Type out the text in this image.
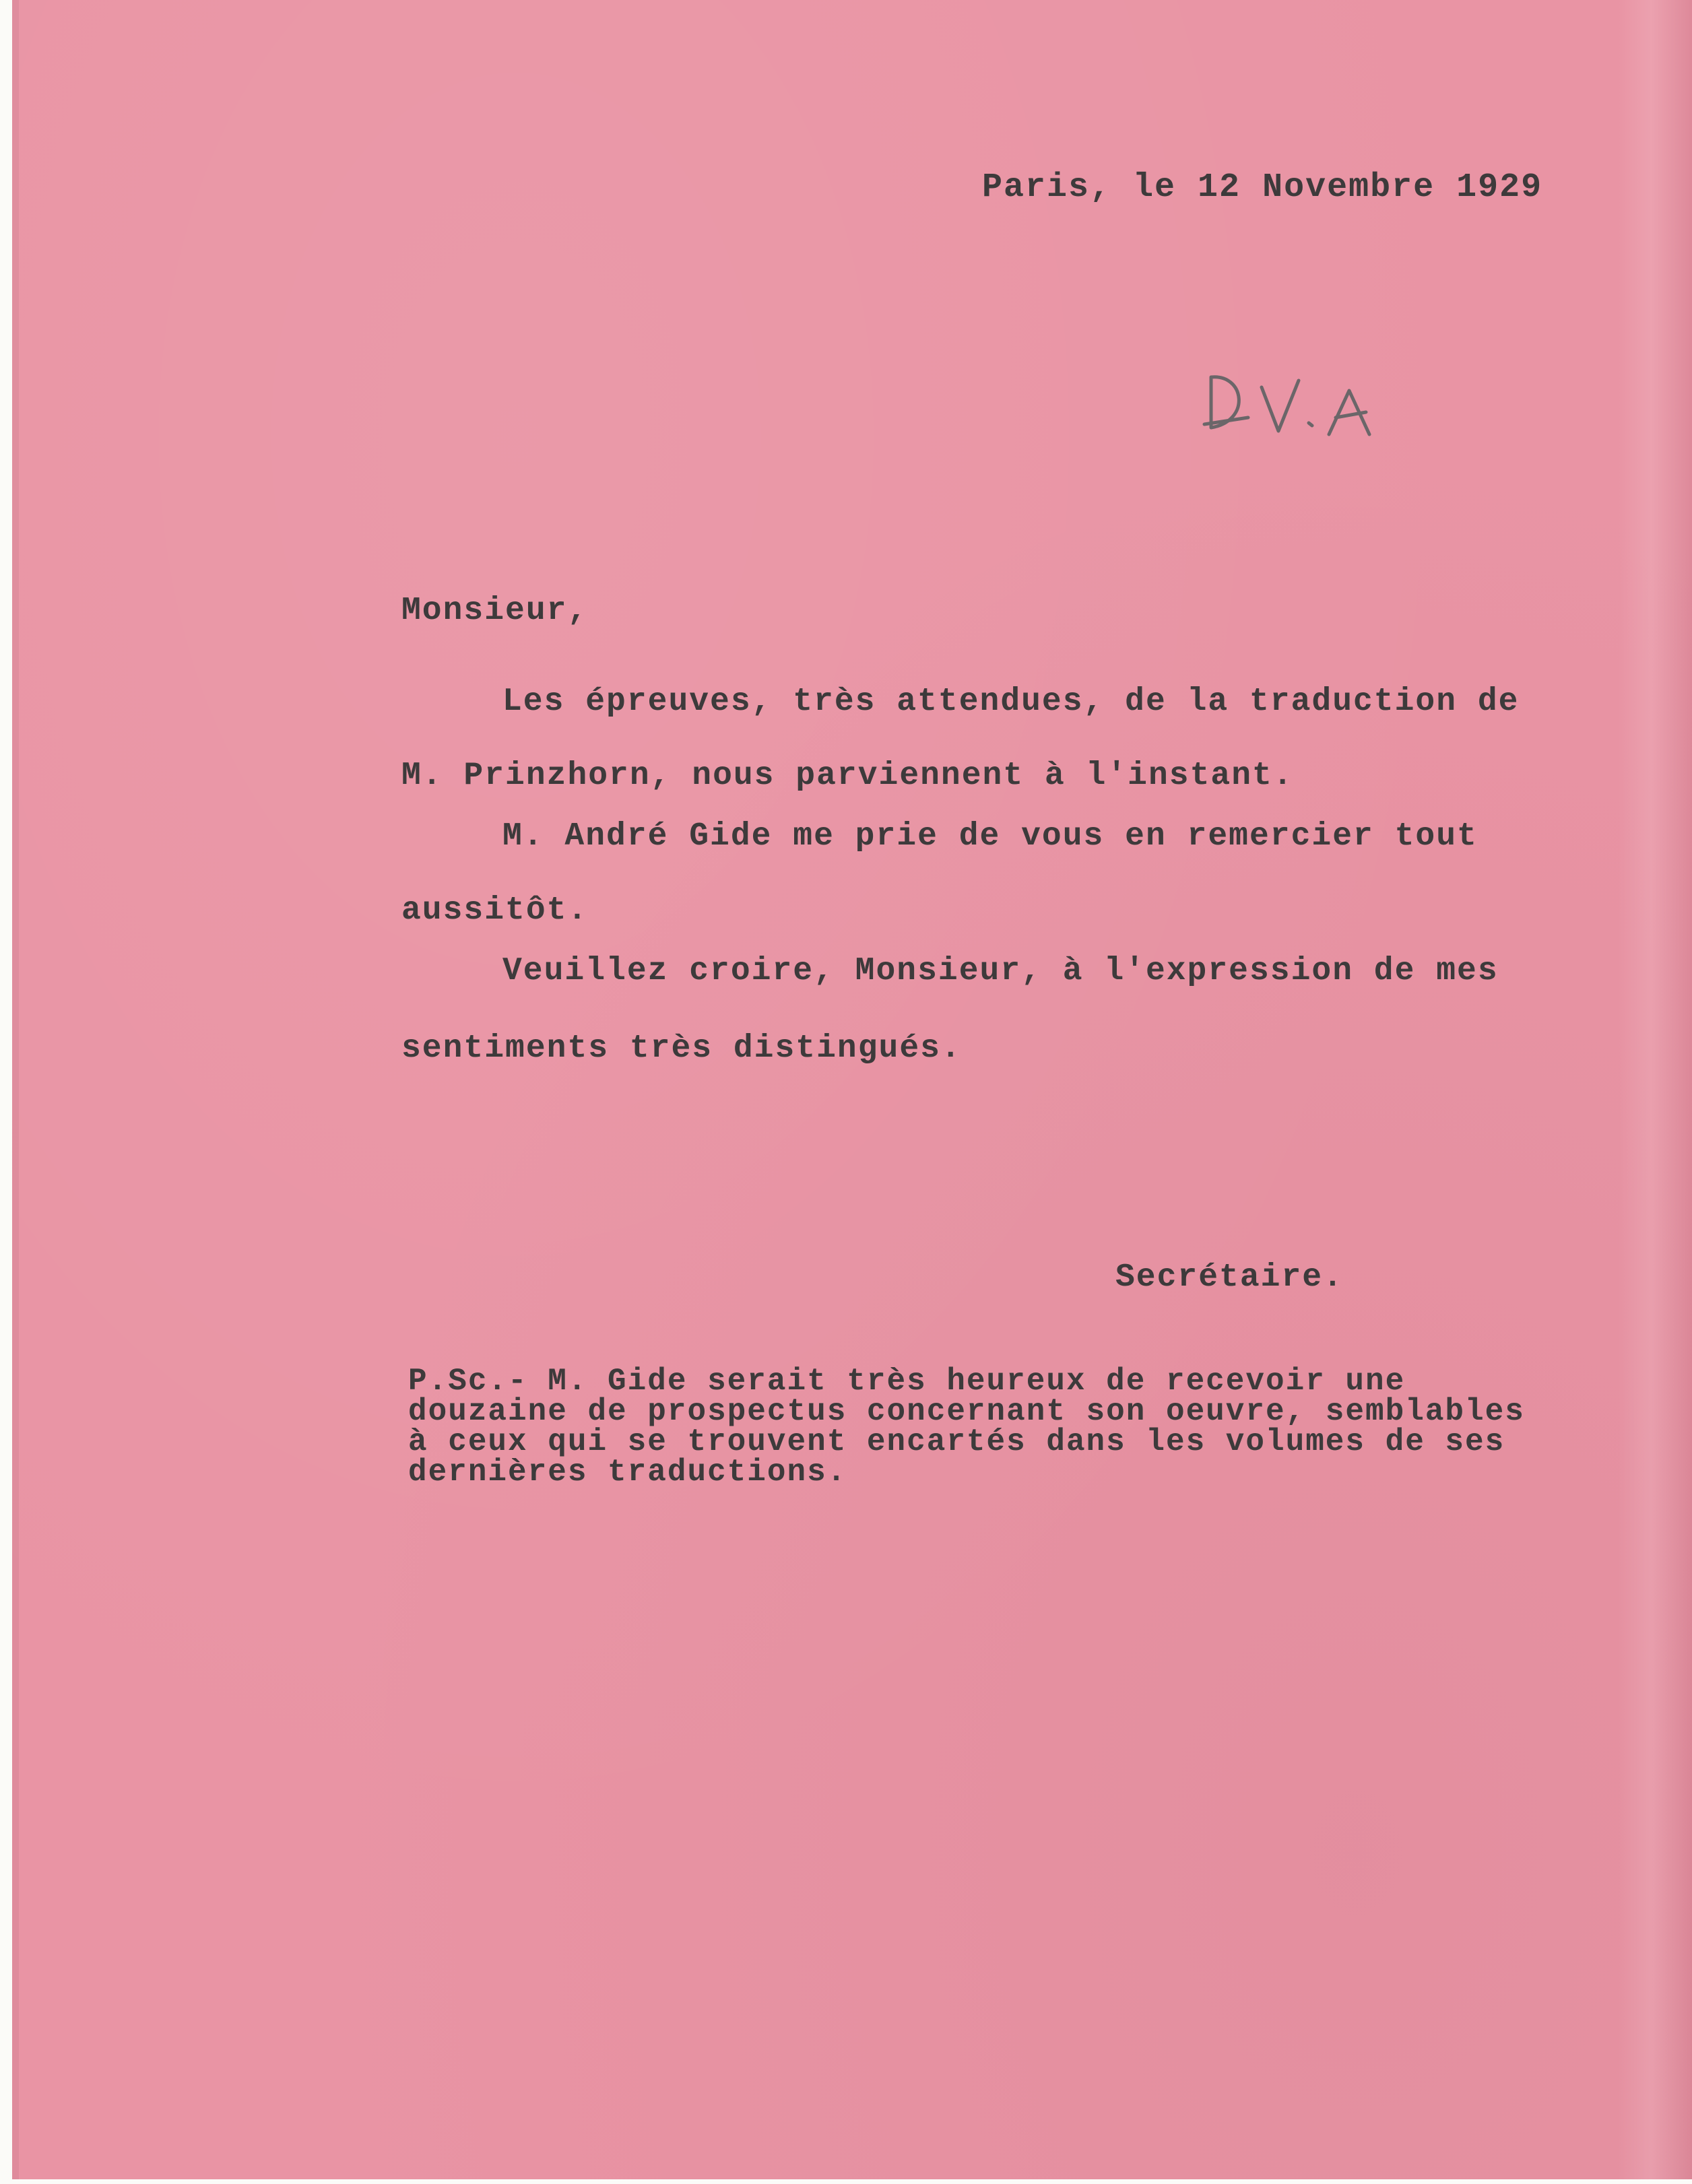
Paris, le 12 Novembre 1929
Monsieur,
Les épreuves, très attendues, de la traduction de
M. Prinzhorn, nous parviennent à l'instant.
M. André Gide me prie de vous en remercier tout
aussitôt.
Veuillez croire, Monsieur, à l'expression de mes
sentiments très distingués.
Secrétaire.
P.Sc.- M. Gide serait très heureux de recevoir une
douzaine de prospectus concernant son oeuvre, semblables
à ceux qui se trouvent encartés dans les volumes de ses
dernières traductions.
